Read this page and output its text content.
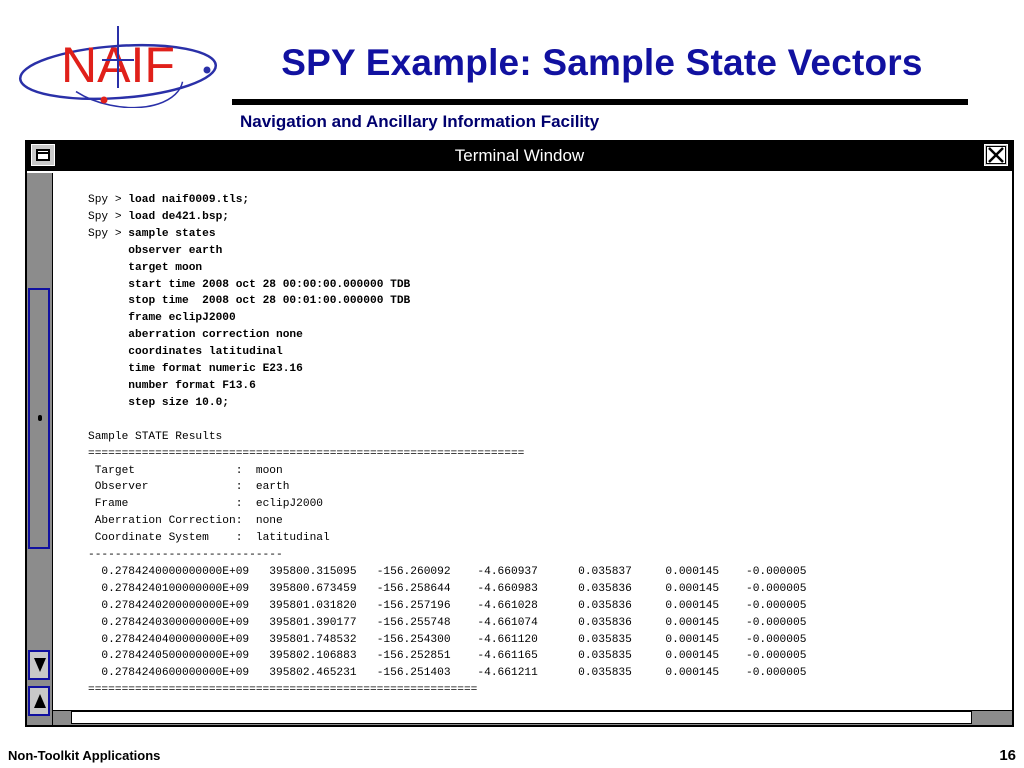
NAIF	SPY Example: Sample State Vectors
Navigation and Ancillary Information Facility
Terminal Window
Spy > load naif0009.tls;
Spy > load de421.bsp;
Spy > sample states
observer earth
target moon
start time 2008 oct 28 00:00:00.000000 TDB
stop time  2008 oct 28 00:01:00.000000 TDB
frame eclipJ2000
aberration correction none
coordinates latitudinal
time format numeric E23.16
number format F13.6
step size 10.0;

Sample STATE Results
=================================================================
Target               :  moon
Observer             :  earth
Frame                :  eclipJ2000
Aberration Correction:  none
Coordinate System    :  latitudinal
-----------------------------
0.2784240000000000E+09   395800.315095   -156.260092    -4.660937      0.035837     0.000145    -0.000005
0.2784240100000000E+09   395800.673459   -156.258644    -4.660983      0.035836     0.000145    -0.000005
0.2784240200000000E+09   395801.031820   -156.257196    -4.661028      0.035836     0.000145    -0.000005
0.2784240300000000E+09   395801.390177   -156.255748    -4.661074      0.035836     0.000145    -0.000005
0.2784240400000000E+09   395801.748532   -156.254300    -4.661120      0.035835     0.000145    -0.000005
0.2784240500000000E+09   395802.106883   -156.252851    -4.661165      0.035835     0.000145    -0.000005
0.2784240600000000E+09   395802.465231   -156.251403    -4.661211      0.035835     0.000145    -0.000005
==========================================================
Non-Toolkit Applications	16
